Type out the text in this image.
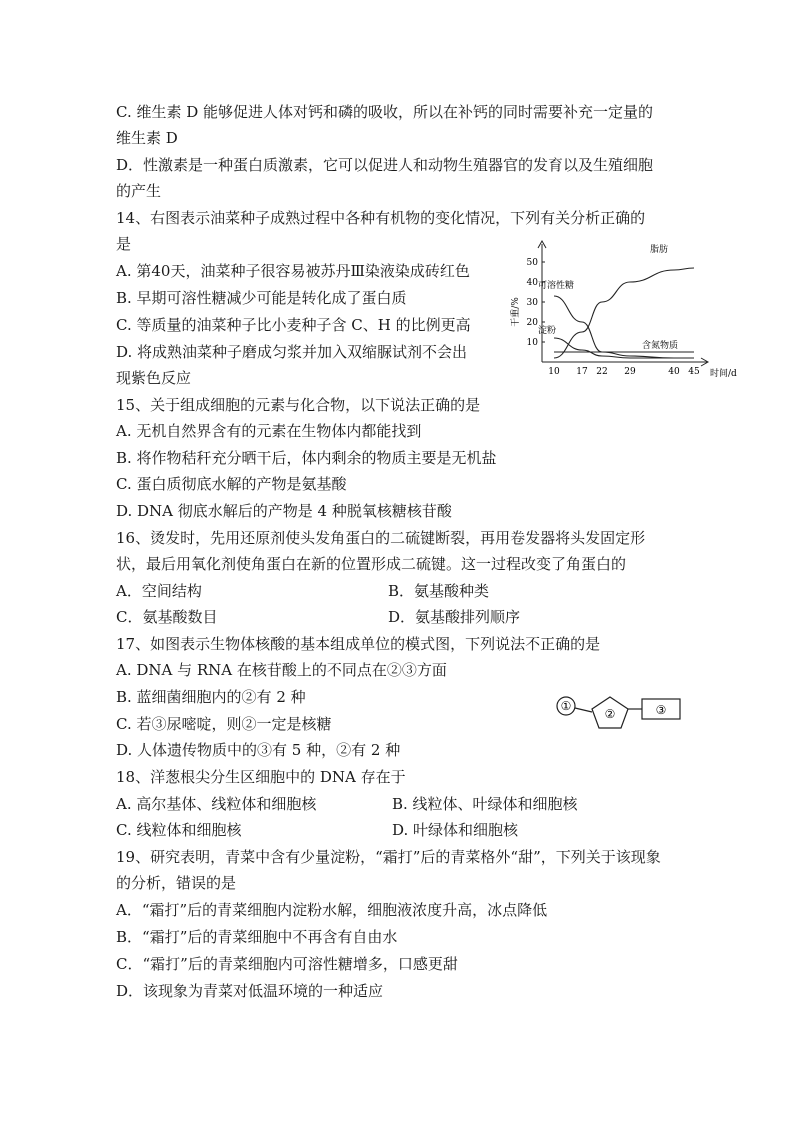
C. 维生素 D 能够促进人体对钙和磷的吸收，所以在补钙的同时需要补充一定量的
维生素 D
D．性激素是一种蛋白质激素，它可以促进人和动物生殖器官的发育以及生殖细胞
的产生
14、右图表示油菜种子成熟过程中各种有机物的变化情况，下列有关分析正确的
是
A. 第40天，油菜种子很容易被苏丹Ⅲ染液染成砖红色
B. 早期可溶性糖减少可能是转化成了蛋白质
C. 等质量的油菜种子比小麦种子含 C、H 的比例更高
D. 将成熟油菜种子磨成匀浆并加入双缩脲试剂不会出
现紫色反应
15、关于组成细胞的元素与化合物，以下说法正确的是
A. 无机自然界含有的元素在生物体内都能找到
B. 将作物秸秆充分晒干后，体内剩余的物质主要是无机盐
C. 蛋白质彻底水解的产物是氨基酸
D. DNA 彻底水解后的产物是 4 种脱氧核糖核苷酸
16、烫发时，先用还原剂使头发角蛋白的二硫键断裂，再用卷发器将头发固定形
状，最后用氧化剂使角蛋白在新的位置形成二硫键。这一过程改变了角蛋白的
A．空间结构	B．氨基酸种类
C．氨基酸数目	D．氨基酸排列顺序
17、如图表示生物体核酸的基本组成单位的模式图，下列说法不正确的是
A. DNA 与 RNA 在核苷酸上的不同点在②③方面
B. 蓝细菌细胞内的②有 2 种
C. 若③尿嘧啶，则②一定是核糖
D. 人体遗传物质中的③有 5 种，②有 2 种
18、洋葱根尖分生区细胞中的 DNA 存在于
A. 高尔基体、线粒体和细胞核	B. 线粒体、叶绿体和细胞核
C. 线粒体和细胞核	D. 叶绿体和细胞核
19、研究表明，青菜中含有少量淀粉，“霜打”后的青菜格外“甜”，下列关于该现象
的分析，错误的是
A．“霜打”后的青菜细胞内淀粉水解，细胞液浓度升高，冰点降低
B．“霜打”后的青菜细胞中不再含有自由水
C．“霜打”后的青菜细胞内可溶性糖增多，口感更甜
D．该现象为青菜对低温环境的一种适应
干重/%
时间/d
50
40
30
20
10
10 17 22 29	40 45
脂肪
可溶性糖
淀粉
含氮物质
①
②	③
